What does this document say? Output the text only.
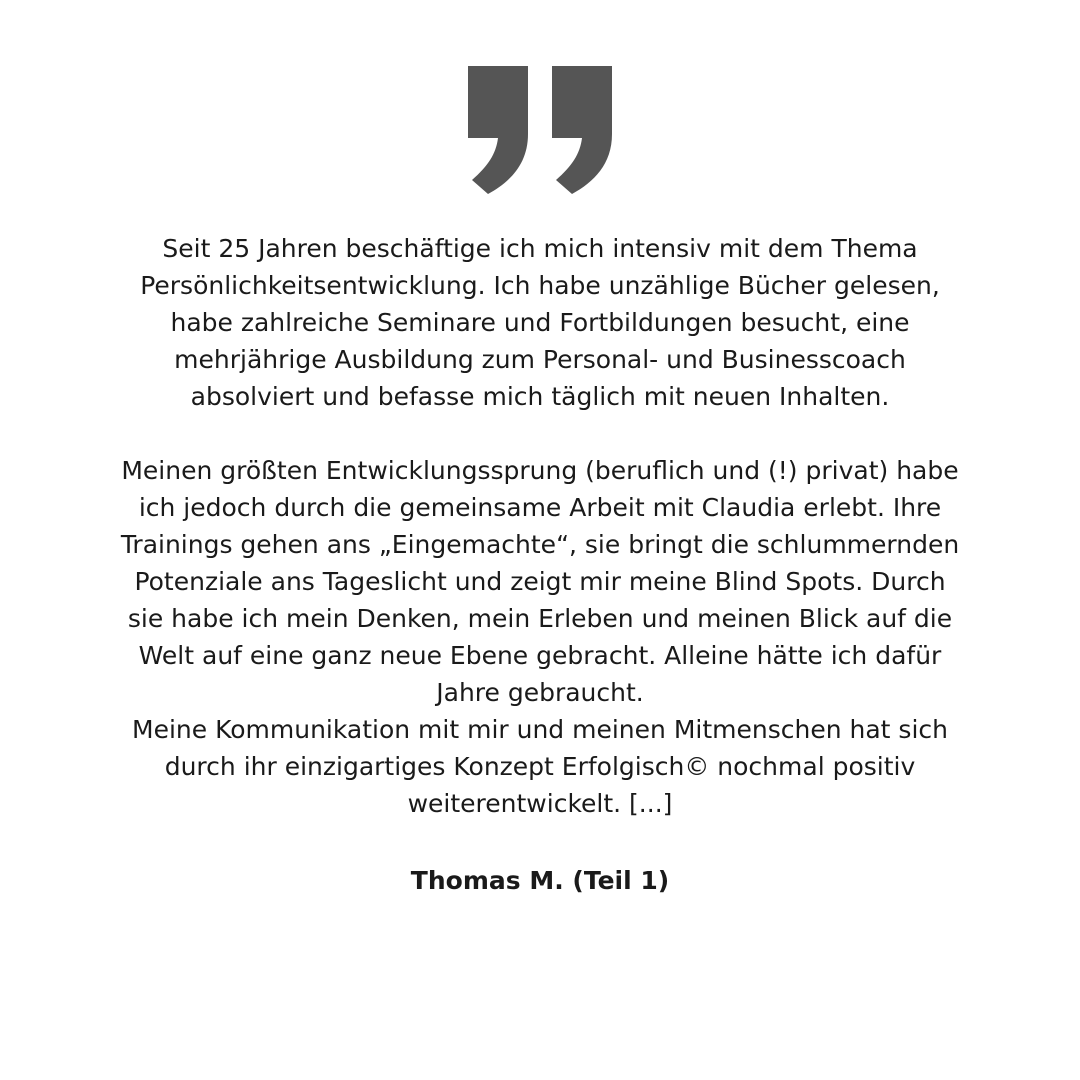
Seit 25 Jahren beschäftige ich mich intensiv mit dem Thema
Persönlichkeitsentwicklung. Ich habe unzählige Bücher gelesen,
habe zahlreiche Seminare und Fortbildungen besucht, eine
mehrjährige Ausbildung zum Personal- und Businesscoach
absolviert und befasse mich täglich mit neuen Inhalten.

Meinen größten Entwicklungssprung (beruflich und (!) privat) habe
ich jedoch durch die gemeinsame Arbeit mit Claudia erlebt. Ihre
Trainings gehen ans „Eingemachte“, sie bringt die schlummernden
Potenziale ans Tageslicht und zeigt mir meine Blind Spots. Durch
sie habe ich mein Denken, mein Erleben und meinen Blick auf die
Welt auf eine ganz neue Ebene gebracht. Alleine hätte ich dafür
Jahre gebraucht.

Meine Kommunikation mit mir und meinen Mitmenschen hat sich
durch ihr einzigartiges Konzept Erfolgisch© nochmal positiv
weiterentwickelt. [...]

Thomas M. (Teil 1)
